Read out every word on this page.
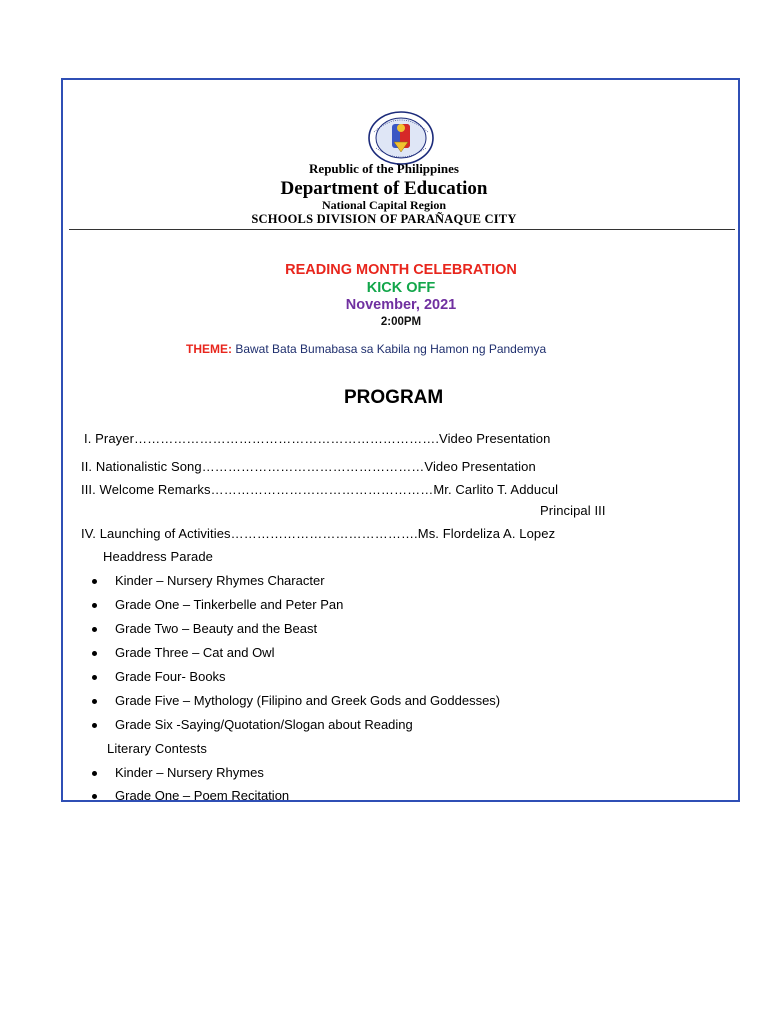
Republic of the Philippines
Department of Education
National Capital Region
SCHOOLS DIVISION OF PARAÑAQUE CITY
READING MONTH CELEBRATION
KICK OFF
November, 2021
2:00PM
THEME: Bawat Bata Bumabasa sa Kabila ng Hamon ng Pandemya
PROGRAM
I. Prayer…………………………………………………………….Video Presentation
II. Nationalistic Song……………………………………………Video Presentation
III. Welcome Remarks……………………………………………Mr. Carlito T. Adducul
Principal III
IV. Launching of Activities…………………………………….Ms. Flordeliza A. Lopez
Headdress Parade
Kinder – Nursery Rhymes Character
Grade One – Tinkerbelle and Peter Pan
Grade Two – Beauty and the Beast
Grade Three – Cat and Owl
Grade Four- Books
Grade Five – Mythology (Filipino and Greek Gods and Goddesses)
Grade Six -Saying/Quotation/Slogan about Reading
Literary Contests
Kinder – Nursery Rhymes
Grade One – Poem Recitation
